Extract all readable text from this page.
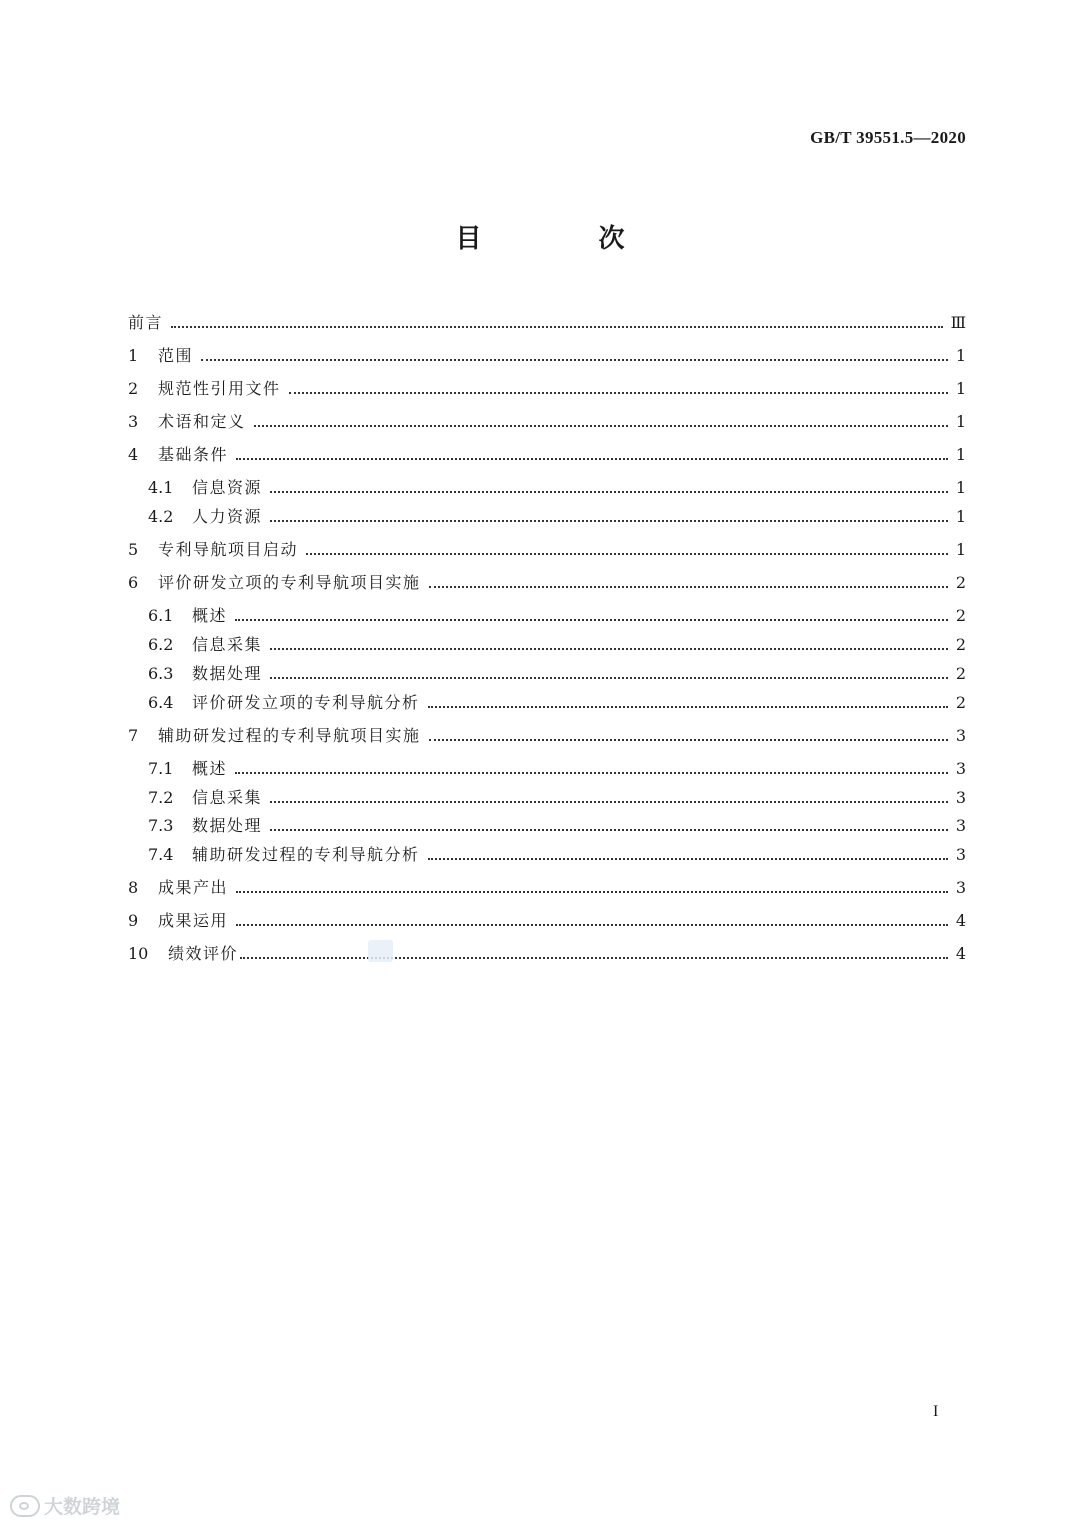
GB/T 39551.5—2020
目 次
前言	Ⅲ
1	范围	1
2	规范性引用文件	1
3	术语和定义	1
4	基础条件	1
4.1	信息资源	1
4.2	人力资源	1
5	专利导航项目启动	1
6	评价研发立项的专利导航项目实施	2
6.1	概述	2
6.2	信息采集	2
6.3	数据处理	2
6.4	评价研发立项的专利导航分析	2
7	辅助研发过程的专利导航项目实施	3
7.1	概述	3
7.2	信息采集	3
7.3	数据处理	3
7.4	辅助研发过程的专利导航分析	3
8	成果产出	3
9	成果运用	4
10	绩效评价	4
I
大数跨境
